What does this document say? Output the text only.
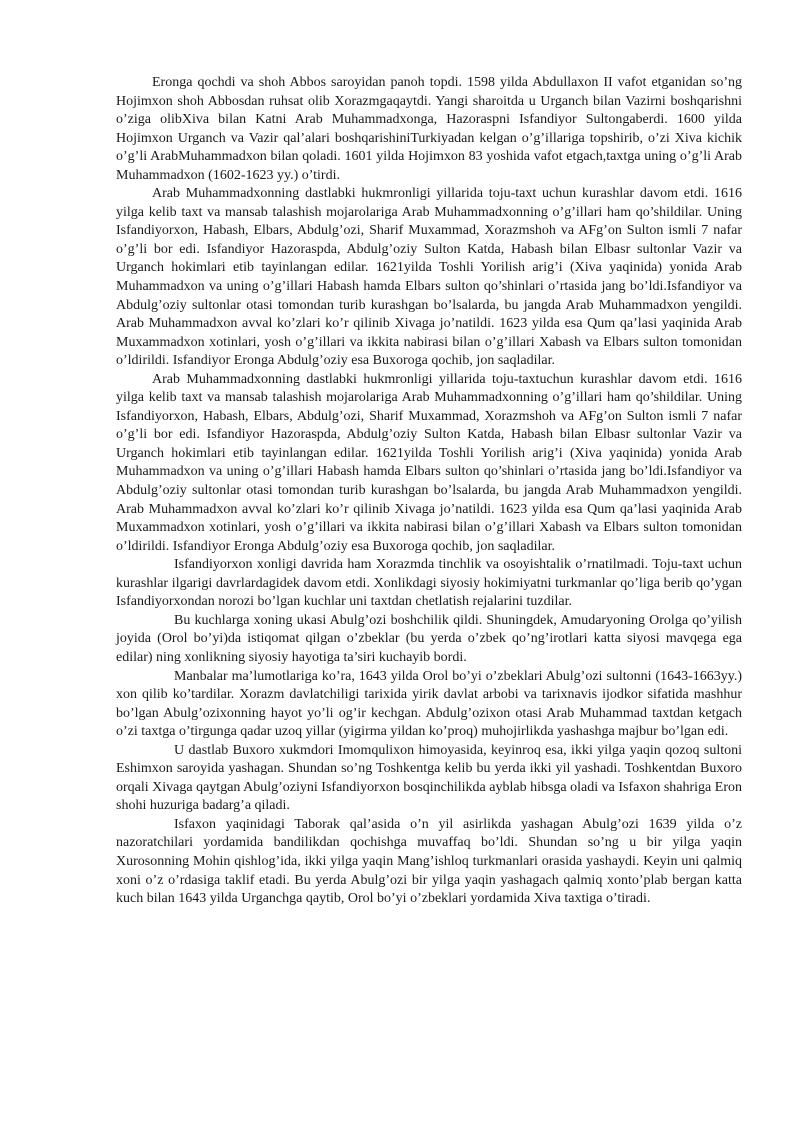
Eronga qochdi va shoh Abbos saroyidan panoh topdi. 1598 yilda Abdullaxon II vafot etganidan so’ng Hojimxon shoh Abbosdan ruhsat olib Xorazmgaqaytdi. Yangi sharoitda u Urganch bilan Vazirni boshqarishni o’ziga olibXiva bilan Katni Arab Muhammadxonga, Hazoraspni Isfandiyor Sultongaberdi. 1600 yilda Hojimxon Urganch va Vazir qal’alari boshqarishiniTurkiyadan kelgan o’g’illariga topshirib, o’zi Xiva kichik o’g’li ArabMuhammadxon bilan qoladi. 1601 yilda Hojimxon 83 yoshida vafot etgach,taxtga uning o’g’li Arab Muhammadxon (1602-1623 yy.) o’tirdi.

Arab Muhammadxonning dastlabki hukmronligi yillarida toju-taxt uchun kurashlar davom etdi. 1616 yilga kelib taxt va mansab talashish mojarolariga Arab Muhammadxonning o’g’illari ham qo’shildilar. Uning Isfandiyorxon, Habash, Elbars, Abdulg’ozi, Sharif Muxammad, Xorazmshoh va AFg’on Sulton ismli 7 nafar o’g’li bor edi. Isfandiyor Hazoraspda, Abdulg’oziy Sulton Katda, Habash bilan Elbasr sultonlar Vazir va Urganch hokimlari etib tayinlangan edilar. 1621yilda Toshli Yorilish arig’i (Xiva yaqinida) yonida Arab Muhammadxon va uning o’g’illari Habash hamda Elbars sulton qo’shinlari o’rtasida jang bo’ldi.Isfandiyor va Abdulg’oziy sultonlar otasi tomondan turib kurashgan bo’lsalarda, bu jangda Arab Muhammadxon yengildi. Arab Muhammadxon avval ko’zlari ko’r qilinib Xivaga jo’natildi. 1623 yilda esa Qum qa’lasi yaqinida Arab Muxammadxon xotinlari, yosh o’g’illari va ikkita nabirasi bilan o’g’illari Xabash va Elbars sulton tomonidan o’ldirildi. Isfandiyor Eronga Abdulg’oziy esa Buxoroga qochib, jon saqladilar.

Arab Muhammadxonning dastlabki hukmronligi yillarida toju-taxtuchun kurashlar davom etdi. 1616 yilga kelib taxt va mansab talashish mojarolariga Arab Muhammadxonning o’g’illari ham qo’shildilar. Uning Isfandiyorxon, Habash, Elbars, Abdulg’ozi, Sharif Muxammad, Xorazmshoh va AFg’on Sulton ismli 7 nafar o’g’li bor edi. Isfandiyor Hazoraspda, Abdulg’oziy Sulton Katda, Habash bilan Elbasr sultonlar Vazir va Urganch hokimlari etib tayinlangan edilar. 1621yilda Toshli Yorilish arig’i (Xiva yaqinida) yonida Arab Muhammadxon va uning o’g’illari Habash hamda Elbars sulton qo’shinlari o’rtasida jang bo’ldi.Isfandiyor va Abdulg’oziy sultonlar otasi tomondan turib kurashgan bo’lsalarda, bu jangda Arab Muhammadxon yengildi. Arab Muhammadxon avval ko’zlari ko’r qilinib Xivaga jo’natildi. 1623 yilda esa Qum qa’lasi yaqinida Arab Muxammadxon xotinlari, yosh o’g’illari va ikkita nabirasi bilan o’g’illari Xabash va Elbars sulton tomonidan o’ldirildi. Isfandiyor Eronga Abdulg’oziy esa Buxoroga qochib, jon saqladilar.

Isfandiyorxon xonligi davrida ham Xorazmda tinchlik va osoyishtalik o’rnatilmadi. Toju-taxt uchun kurashlar ilgarigi davrlardagidek davom etdi. Xonlikdagi siyosiy hokimiyatni turkmanlar qo’liga berib qo’ygan Isfandiyorxondan norozi bo’lgan kuchlar uni taxtdan chetlatish rejalarini tuzdilar.

Bu kuchlarga xoning ukasi Abulg’ozi boshchilik qildi. Shuningdek, Amudaryoning Orolga qo’yilish joyida (Orol bo’yi)da istiqomat qilgan o’zbeklar (bu yerda o’zbek qo’ng’irotlari katta siyosi mavqega ega edilar) ning xonlikning siyosiy hayotiga ta’siri kuchayib bordi.

Manbalar ma’lumotlariga ko’ra, 1643 yilda Orol bo’yi o’zbeklari Abulg’ozi sultonni (1643-1663yy.) xon qilib ko’tardilar. Xorazm davlatchiligi tarixida yirik davlat arbobi va tarixnavis ijodkor sifatida mashhur bo’lgan Abulg’ozixonning hayot yo’li og’ir kechgan. Abdulg’ozixon otasi Arab Muhammad taxtdan ketgach o’zi taxtga o’tirgunga qadar uzoq yillar (yigirma yildan ko’proq) muhojirlikda yashashga majbur bo’lgan edi.

U dastlab Buxoro xukmdori Imomqulixon himoyasida, keyinroq esa, ikki yilga yaqin qozoq sultoni Eshimxon saroyida yashagan. Shundan so’ng Toshkentga kelib bu yerda ikki yil yashadi. Toshkentdan Buxoro orqali Xivaga qaytgan Abulg’oziyni Isfandiyorxon bosqinchilikda ayblab hibsga oladi va Isfaxon shahriga Eron shohi huzuriga badarg’a qiladi.

Isfaxon yaqinidagi Taborak qal’asida o’n yil asirlikda yashagan Abulg’ozi 1639 yilda o’z nazoratchilari yordamida bandilikdan qochishga muvaffaq bo’ldi. Shundan so’ng u bir yilga yaqin Xurosonning Mohin qishlog’ida, ikki yilga yaqin Mang’ishloq turkmanlari orasida yashaydi. Keyin uni qalmiq xoni o’z o’rdasiga taklif etadi. Bu yerda Abulg’ozi bir yilga yaqin yashagach qalmiq xonto’plab bergan katta kuch bilan 1643 yilda Urganchga qaytib, Orol bo’yi o’zbeklari yordamida Xiva taxtiga o’tiradi.
